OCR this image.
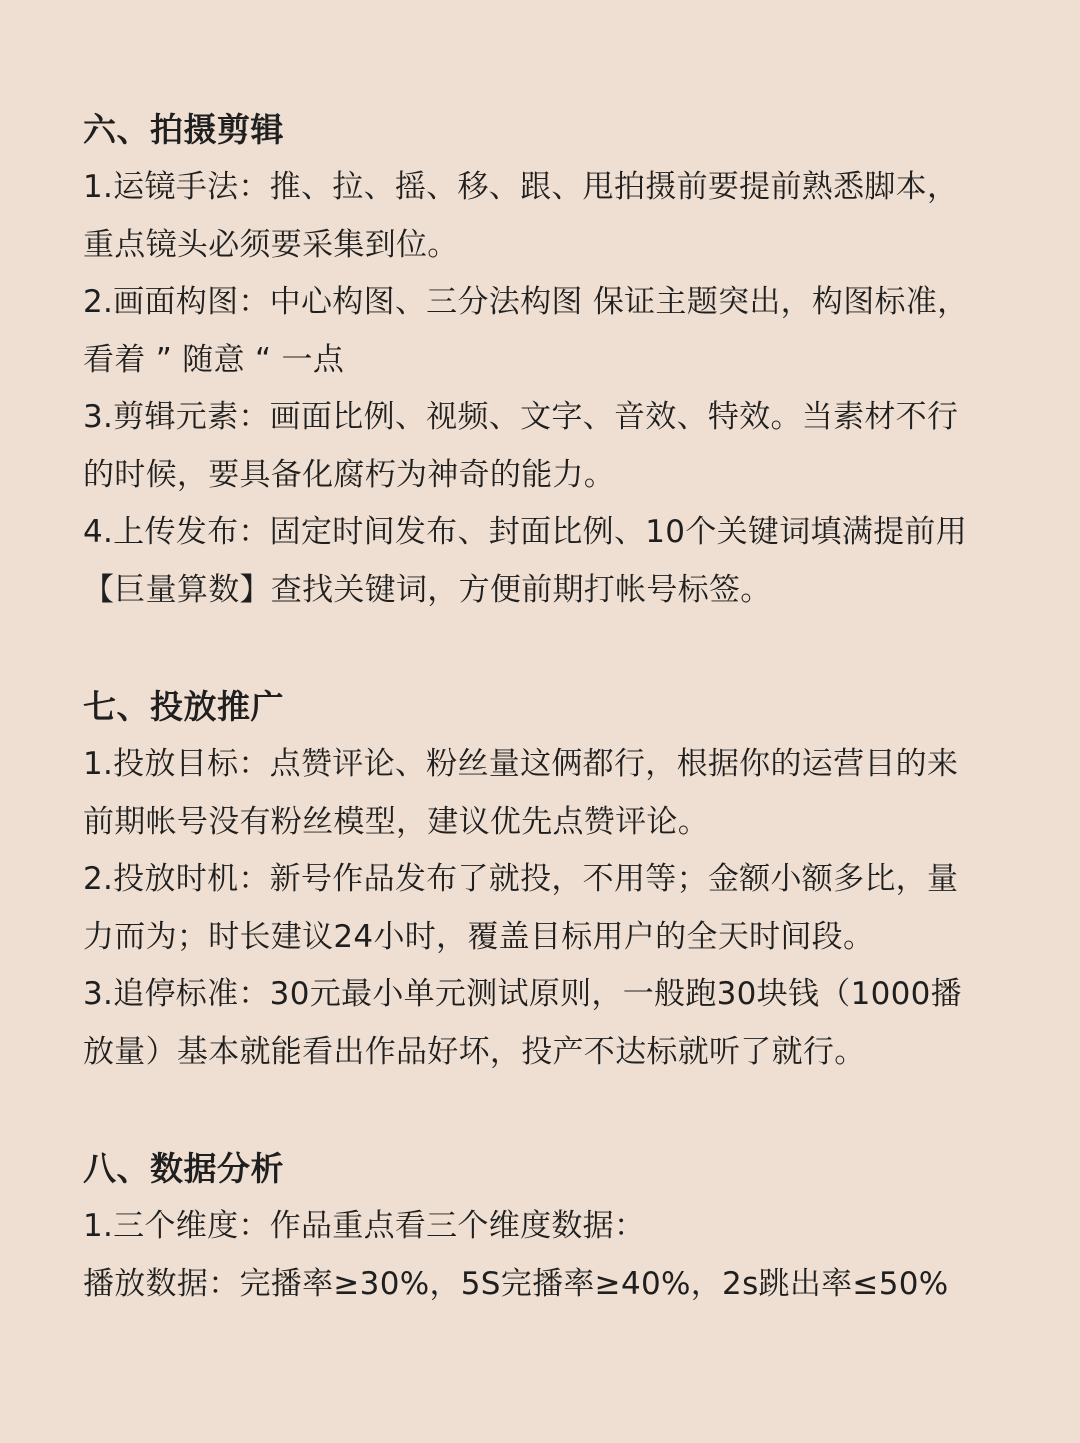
六、拍摄剪辑

1.运镜手法：推、拉、摇、移、跟、甩拍摄前要提前熟悉脚本，

重点镜头必须要采集到位。

2.画面构图：中心构图、三分法构图 保证主题突出，构图标准，

看着 ” 随意 “ 一点

3.剪辑元素：画面比例、视频、文字、音效、特效。当素材不行

的时候，要具备化腐朽为神奇的能力。

4.上传发布：固定时间发布、封面比例、10个关键词填满提前用

【巨量算数】查找关键词，方便前期打帐号标签。

七、投放推广

1.投放目标：点赞评论、粉丝量这俩都行，根据你的运营目的来

前期帐号没有粉丝模型，建议优先点赞评论。

2.投放时机：新号作品发布了就投，不用等；金额小额多比，量

力而为；时长建议24小时，覆盖目标用户的全天时间段。

3.追停标准：30元最小单元测试原则，一般跑30块钱（1000播

放量）基本就能看出作品好坏，投产不达标就听了就行。

八、数据分析

1.三个维度：作品重点看三个维度数据：

播放数据：完播率≥30%，5S完播率≥40%，2s跳出率≤50%
